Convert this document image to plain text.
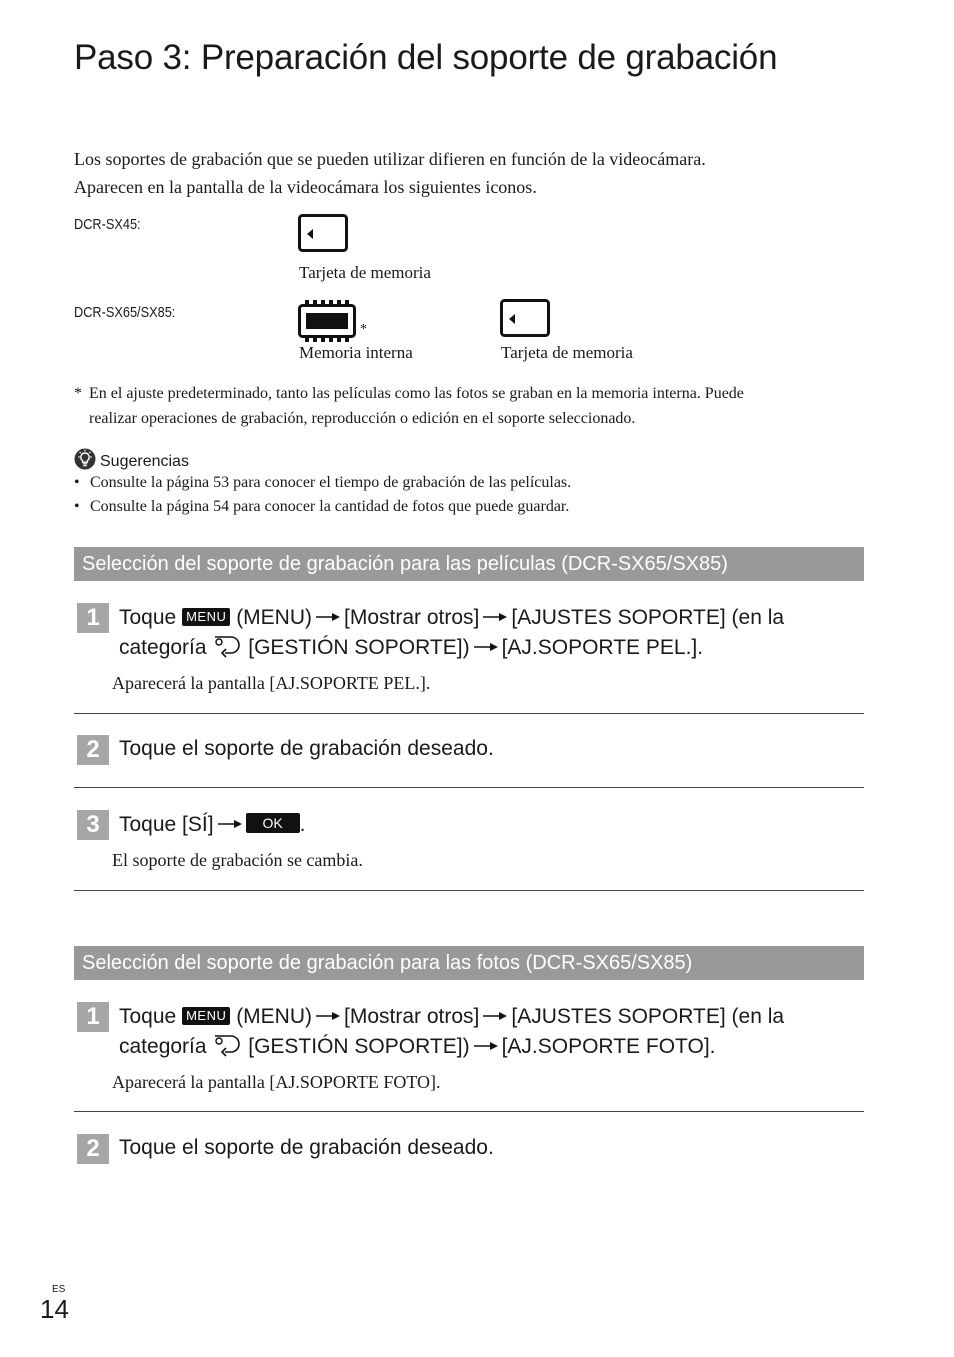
Paso 3: Preparación del soporte de grabación
Los soportes de grabación que se pueden utilizar difieren en función de la videocámara.
Aparecen en la pantalla de la videocámara los siguientes iconos.
DCR-SX45:
Tarjeta de memoria
DCR-SX65/SX85:
*
Memoria interna	Tarjeta de memoria
* En el ajuste predeterminado, tanto las películas como las fotos se graban en la memoria interna. Puede
realizar operaciones de grabación, reproducción o edición en el soporte seleccionado.
Sugerencias
• Consulte la página 53 para conocer el tiempo de grabación de las películas.
• Consulte la página 54 para conocer la cantidad de fotos que puede guardar.
Selección del soporte de grabación para las películas (DCR-SX65/SX85)
1 Toque MENU (MENU) [Mostrar otros] [AJUSTES SOPORTE] (en la
categoría [GESTIÓN SOPORTE]) [AJ.SOPORTE PEL.].
Aparecerá la pantalla [AJ.SOPORTE PEL.].
2 Toque el soporte de grabación deseado.
3 Toque [SÍ]	OK .
El soporte de grabación se cambia.
Selección del soporte de grabación para las fotos (DCR-SX65/SX85)
1 Toque MENU (MENU) [Mostrar otros] [AJUSTES SOPORTE] (en la
categoría [GESTIÓN SOPORTE]) [AJ.SOPORTE FOTO].
Aparecerá la pantalla [AJ.SOPORTE FOTO].
2 Toque el soporte de grabación deseado.
ES
14
